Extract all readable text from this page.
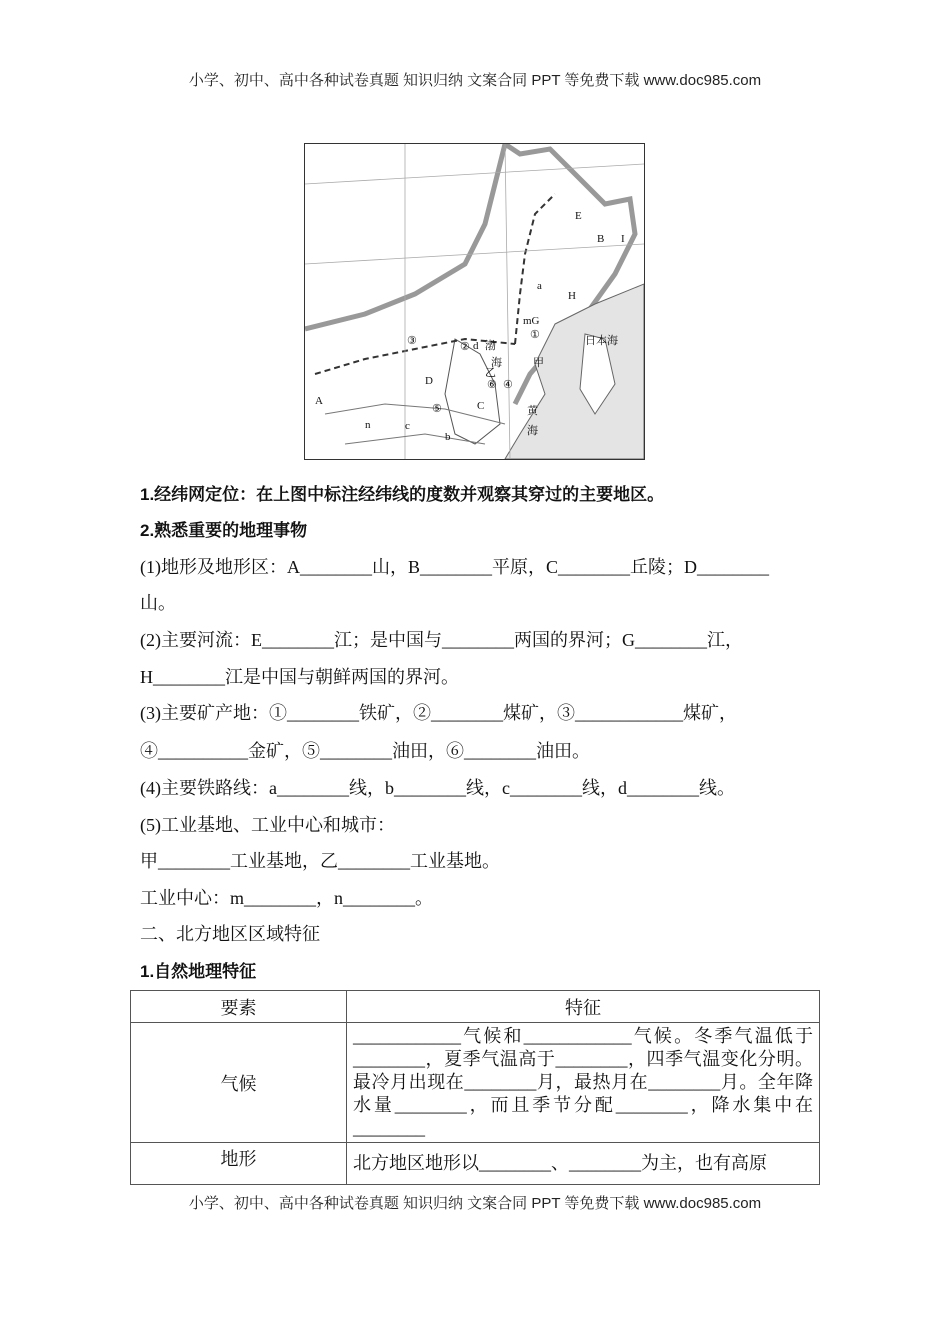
小学、初中、高中各种试卷真题 知识归纳 文案合同 PPT 等免费下载 www.doc985.com
E
B I
H
a
mG
①
甲
日本海
渤
海
②
③	d
乙
⑥ ④
D
A
⑤	C	黄
海
c
n
b
1.经纬网定位：在上图中标注经纬线的度数并观察其穿过的主要地区。
2.熟悉重要的地理事物
(1)地形及地形区：A________山，B________平原，C________丘陵；D________
山。
(2)主要河流：E________江；是中国与________两国的界河；G________江，
H________江是中国与朝鲜两国的界河。
(3)主要矿产地：①________铁矿，②________煤矿，③____________煤矿，
④__________金矿，⑤________油田，⑥________油田。
(4)主要铁路线：a________线，b________线，c________线，d________线。
(5)工业基地、工业中心和城市：
甲________工业基地，乙________工业基地。
工业中心：m________，n________。
二、北方地区区域特征
1.自然地理特征
要素	特征
气候	____________气候和____________气候。冬季气温低于________，夏季气温高于________，四季气温变化分明。最冷月出现在________月，最热月在________月。全年降水量________，而且季节分配________，降水集中在________
地形	北方地区地形以________、________为主，也有高原
小学、初中、高中各种试卷真题 知识归纳 文案合同 PPT 等免费下载 www.doc985.com
